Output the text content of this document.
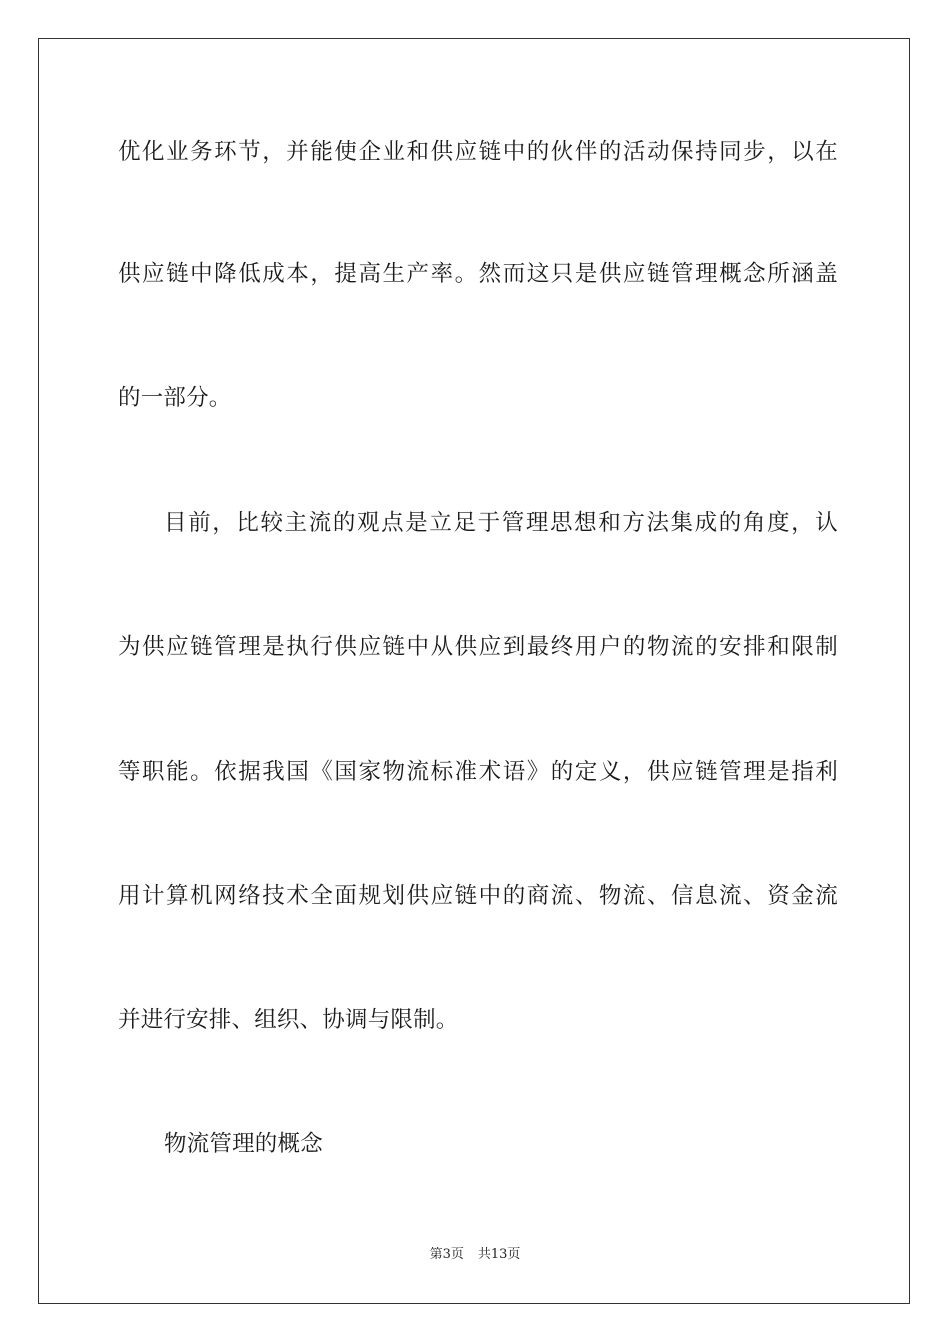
优化业务环节，并能使企业和供应链中的伙伴的活动保持同步，以在
供应链中降低成本，提高生产率。然而这只是供应链管理概念所涵盖
的一部分。
目前，比较主流的观点是立足于管理思想和方法集成的角度，认
为供应链管理是执行供应链中从供应到最终用户的物流的安排和限制
等职能。依据我国《国家物流标准术语》的定义，供应链管理是指利
用计算机网络技术全面规划供应链中的商流、物流、信息流、资金流
并进行安排、组织、协调与限制。
物流管理的概念
第3页 共13页
